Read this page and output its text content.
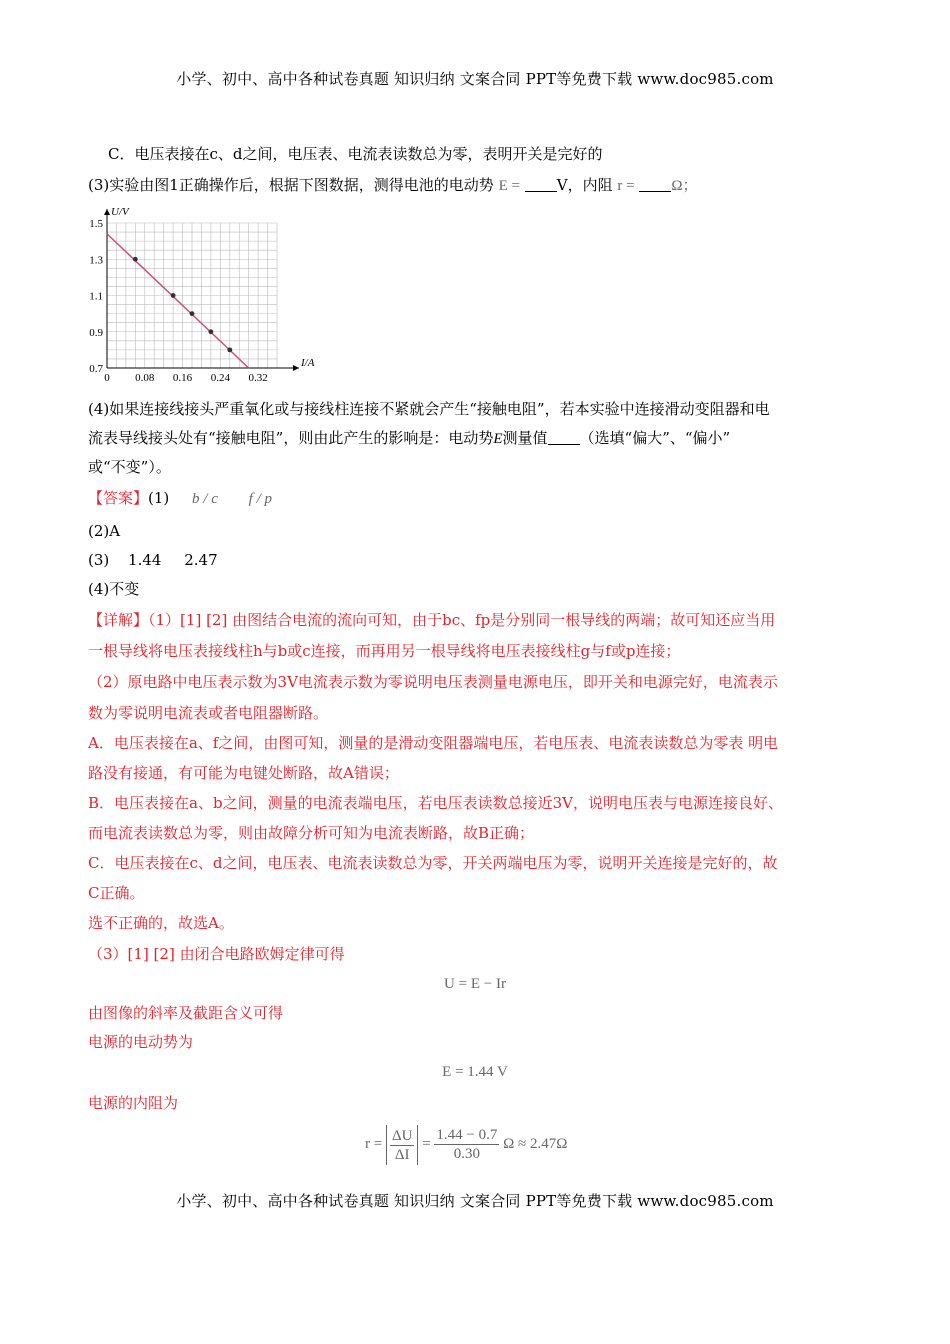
小学、初中、高中各种试卷真题 知识归纳 文案合同 PPT等免费下载 www.doc985.com
C．电压表接在c、d之间，电压表、电流表读数总为零，表明开关是完好的
(3)实验由图1正确操作后，根据下图数据，测得电池的电动势 E = V，内阻 r = Ω；
0 0.08 0.16 0.24 0.32
0.7
0.9
1.1
1.3
1.5
I/A
U/V
(4)如果连接线接头严重氧化或与接线柱连接不紧就会产生“接触电阻”，若本实验中连接滑动变阻器和电
流表导线接头处有“接触电阻”，则由此产生的影响是：电动势E测量值 （选填“偏大”、“偏小”
或“不变”）。
【答案】(1) b / c f / p
(2)A
(3) 1.44 2.47
(4)不变
【详解】（1）[1] [2] 由图结合电流的流向可知，由于bc、fp是分别同一根导线的两端；故可知还应当用
一根导线将电压表接线柱h与b或c连接，而再用另一根导线将电压表接线柱g与f或p连接；
（2）原电路中电压表示数为3V电流表示数为零说明电压表测量电源电压，即开关和电源完好，电流表示
数为零说明电流表或者电阻器断路。
A．电压表接在a、f之间，由图可知，测量的是滑动变阻器端电压，若电压表、电流表读数总为零表 明电
路没有接通，有可能为电键处断路，故A错误；
B．电压表接在a、b之间，测量的电流表端电压，若电压表读数总接近3V，说明电压表与电源连接良好、
而电流表读数总为零，则由故障分析可知为电流表断路，故B正确；
C．电压表接在c、d之间，电压表、电流表读数总为零，开关两端电压为零，说明开关连接是完好的，故
C正确。
选不正确的，故选A。
（3）[1] [2] 由闭合电路欧姆定律可得
U = E − Ir
由图像的斜率及截距含义可得
电源的电动势为
E = 1.44 V
电源的内阻为
$r = \frac{\Delta U}{\Delta I} = \frac{1.44 - 0.7}{0.30}$ Ω ≈ 2.47Ω
小学、初中、高中各种试卷真题 知识归纳 文案合同 PPT等免费下载 www.doc985.com
